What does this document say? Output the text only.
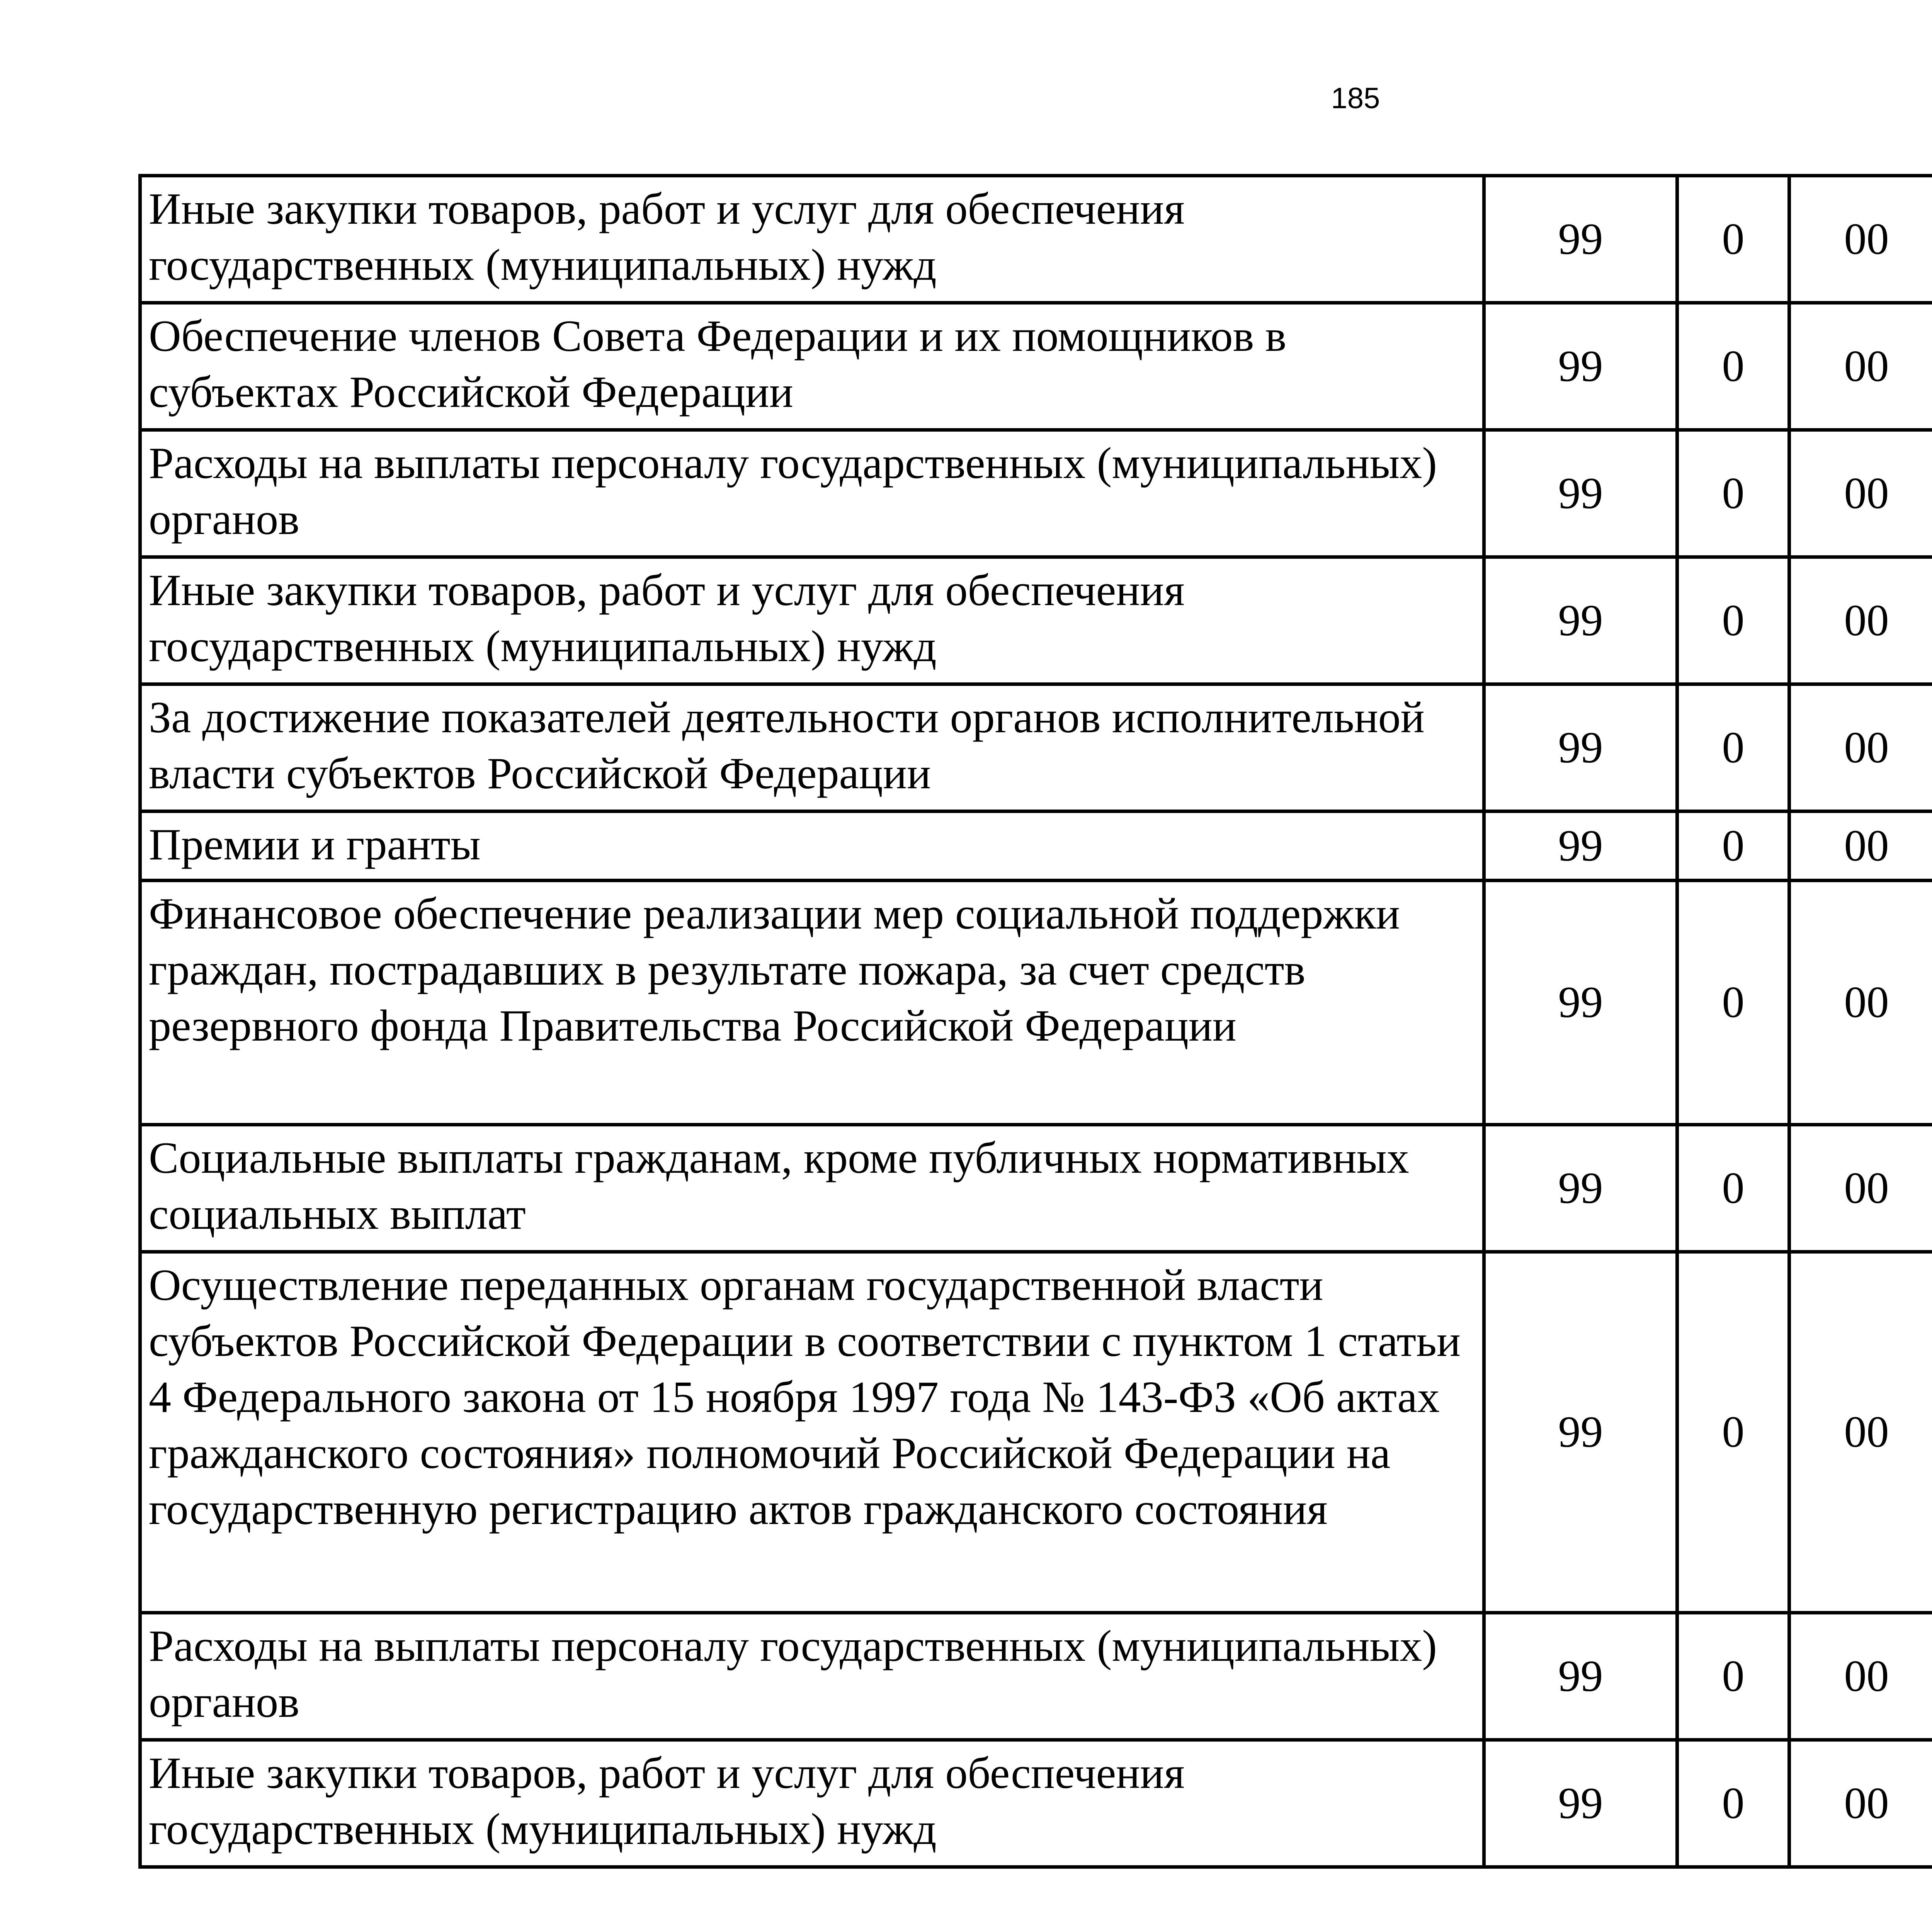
185
Иные закупки товаров, работ и услуг для обеспечения государственных (муниципальных) нужд	99	0	00			
Обеспечение членов Совета Федерации и их помощников в субъектах Российской Федерации	99	0	00			
Расходы на выплаты персоналу государственных (муниципальных) органов	99	0	00			
Иные закупки товаров, работ и услуг для обеспечения государственных (муниципальных) нужд	99	0	00			
За достижение показателей деятельности органов исполнительной власти субъектов Российской Федерации	99	0	00			
Премии и гранты	99	0	00			
Финансовое обеспечение реализации мер социальной поддержки граждан, пострадавших в результате пожара, за счет средств резервного фонда Правительства Российской Федерации	99	0	00			
Социальные выплаты гражданам, кроме публичных нормативных социальных выплат	99	0	00			
Осуществление переданных органам государственной власти субъектов Российской Федерации в соответствии с пунктом 1 статьи 4 Федерального закона от 15 ноября 1997 года № 143-ФЗ «Об актах гражданского состояния» полномочий Российской Федерации на государственную регистрацию актов гражданского состояния	99	0	00			
Расходы на выплаты персоналу государственных (муниципальных) органов	99	0	00			
Иные закупки товаров, работ и услуг для обеспечения государственных (муниципальных) нужд	99	0	00			
